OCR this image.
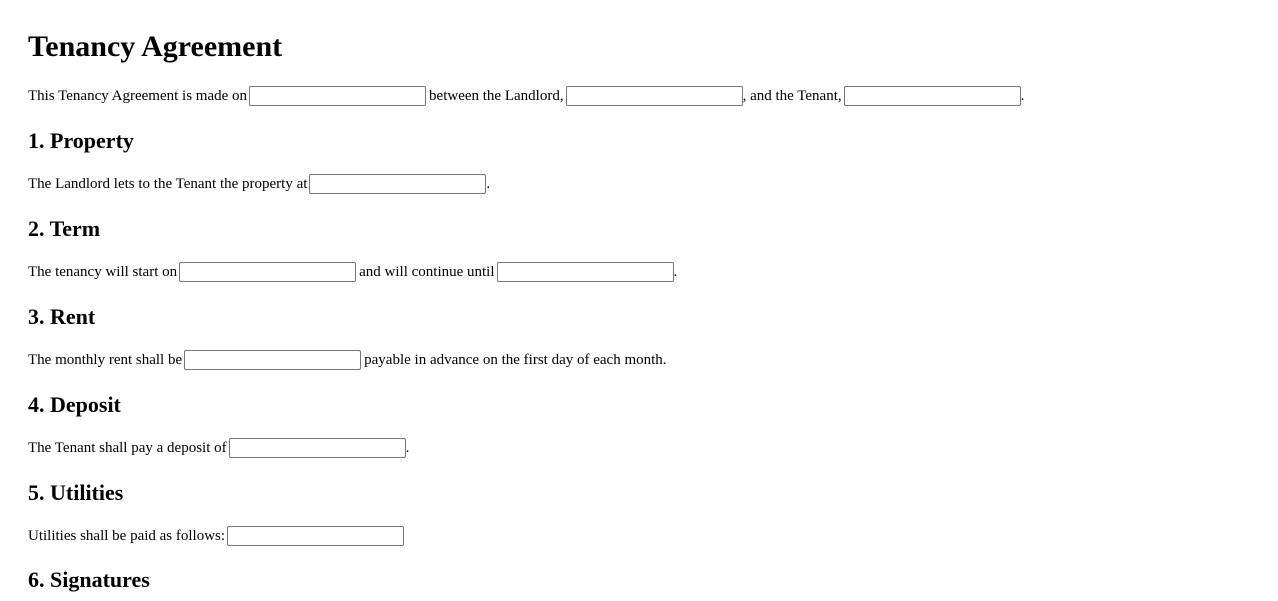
Tenancy Agreement
This Tenancy Agreement is made on	between the Landlord,	, and the Tenant,	.
1. Property
The Landlord lets to the Tenant the property at	.
2. Term
The tenancy will start on	and will continue until	.
3. Rent
The monthly rent shall be	payable in advance on the first day of each month.
4. Deposit
The Tenant shall pay a deposit of	.
5. Utilities
Utilities shall be paid as follows:
6. Signatures
